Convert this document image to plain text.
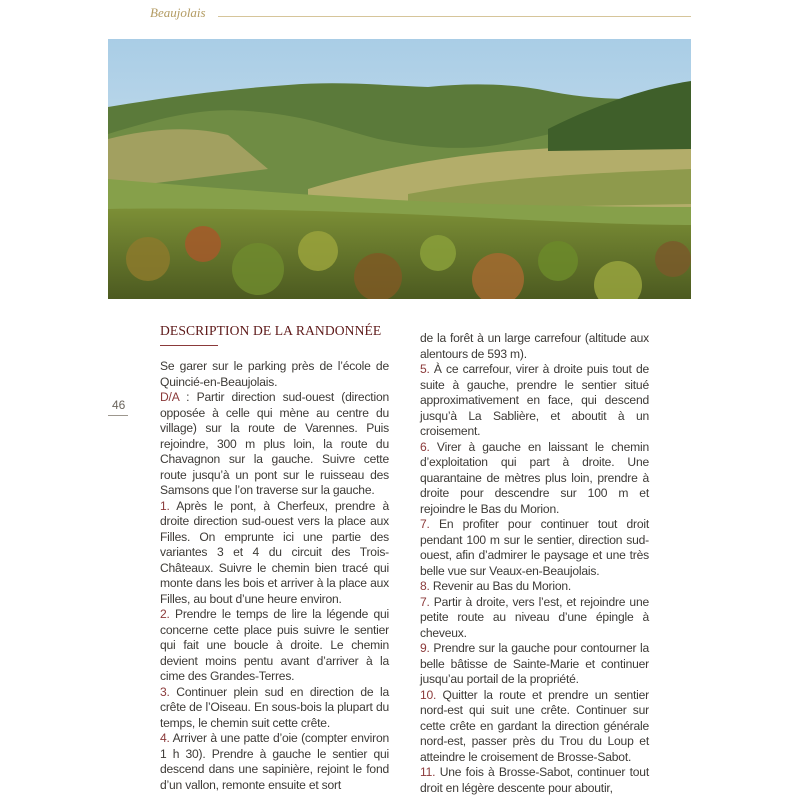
Beaujolais
46
DESCRIPTION DE LA RANDONNÉE

Se garer sur le parking près de l’école de Quincié-en-Beaujolais.

D/A : Partir direction sud-ouest (direction opposée à celle qui mène au centre du village) sur la route de Varennes. Puis rejoindre, 300 m plus loin, la route du Chavagnon sur la gauche. Suivre cette route jusqu’à un pont sur le ruisseau des Samsons que l’on traverse sur la gauche.

1. Après le pont, à Cherfeux, prendre à droite direction sud-ouest vers la place aux Filles. On emprunte ici une partie des variantes 3 et 4 du circuit des Trois-Châteaux. Suivre le chemin bien tracé qui monte dans les bois et arriver à la place aux Filles, au bout d’une heure environ.

2. Prendre le temps de lire la légende qui concerne cette place puis suivre le sentier qui fait une boucle à droite. Le chemin devient moins pentu avant d’arriver à la cime des Grandes-Terres.

3. Continuer plein sud en direction de la crête de l’Oiseau. En sous-bois la plupart du temps, le chemin suit cette crête.

4. Arriver à une patte d’oie (compter environ 1 h 30). Prendre à gauche le sentier qui descend dans une sapinière, rejoint le fond d’un vallon, remonte ensuite et sort

de la forêt à un large carrefour (altitude aux alentours de 593 m).

5. À ce carrefour, virer à droite puis tout de suite à gauche, prendre le sentier situé approximativement en face, qui descend jusqu’à La Sablière, et aboutit à un croisement.

6. Virer à gauche en laissant le chemin d’exploitation qui part à droite. Une quarantaine de mètres plus loin, prendre à droite pour descendre sur 100 m et rejoindre le Bas du Morion.

7. En profiter pour continuer tout droit pendant 100 m sur le sentier, direction sud-ouest, afin d’admirer le paysage et une très belle vue sur Veaux-en-Beaujolais.

8. Revenir au Bas du Morion.

7. Partir à droite, vers l’est, et rejoindre une petite route au niveau d’une épingle à cheveux.

9. Prendre sur la gauche pour contourner la belle bâtisse de Sainte-Marie et continuer jusqu’au portail de la propriété.

10. Quitter la route et prendre un sentier nord-est qui suit une crête. Continuer sur cette crête en gardant la direction générale nord-est, passer près du Trou du Loup et atteindre le croisement de Brosse-Sabot.

11. Une fois à Brosse-Sabot, continuer tout droit en légère descente pour aboutir,
